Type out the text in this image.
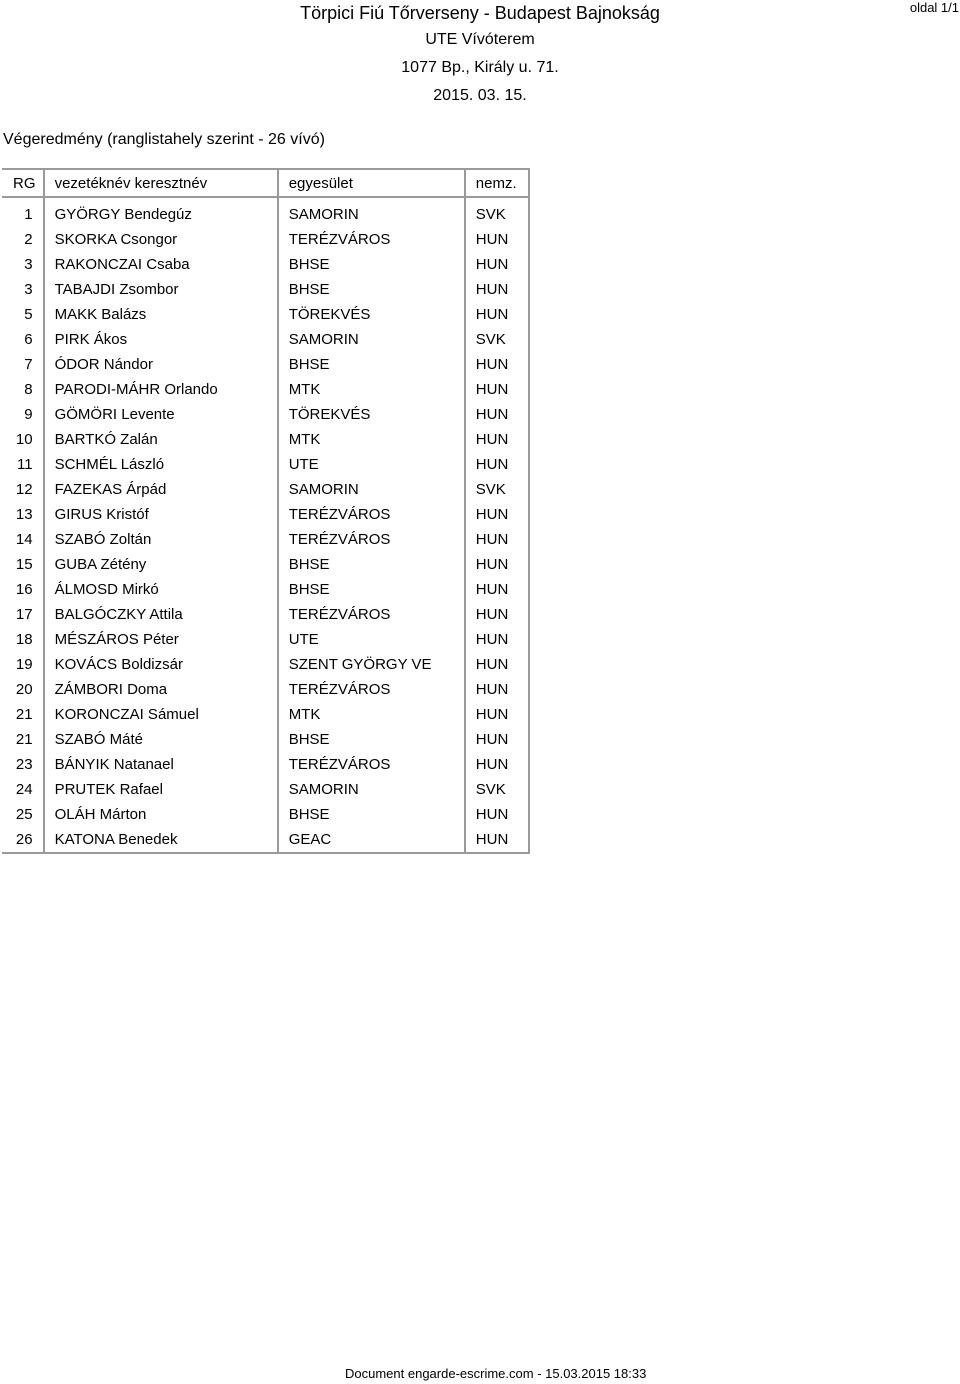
oldal 1/1
Törpici Fiú Tőrverseny - Budapest Bajnokság
UTE Vívóterem
1077 Bp., Király u. 71.
2015. 03. 15.
Végeredmény (ranglistahely szerint - 26 vívó)
RG	vezetéknév keresztnév	egyesület	nemz.
1	GYÖRGY Bendegúz	SAMORIN	SVK
2	SKORKA Csongor	TERÉZVÁROS	HUN
3	RAKONCZAI Csaba	BHSE	HUN
3	TABAJDI Zsombor	BHSE	HUN
5	MAKK Balázs	TÖREKVÉS	HUN
6	PIRK Ákos	SAMORIN	SVK
7	ÓDOR Nándor	BHSE	HUN
8	PARODI-MÁHR Orlando	MTK	HUN
9	GÖMÖRI Levente	TÖREKVÉS	HUN
10	BARTKÓ Zalán	MTK	HUN
11	SCHMÉL László	UTE	HUN
12	FAZEKAS Árpád	SAMORIN	SVK
13	GIRUS Kristóf	TERÉZVÁROS	HUN
14	SZABÓ Zoltán	TERÉZVÁROS	HUN
15	GUBA Zétény	BHSE	HUN
16	ÁLMOSD Mirkó	BHSE	HUN
17	BALGÓCZKY Attila	TERÉZVÁROS	HUN
18	MÉSZÁROS Péter	UTE	HUN
19	KOVÁCS Boldizsár	SZENT GYÖRGY VE	HUN
20	ZÁMBORI Doma	TERÉZVÁROS	HUN
21	KORONCZAI Sámuel	MTK	HUN
21	SZABÓ Máté	BHSE	HUN
23	BÁNYIK Natanael	TERÉZVÁROS	HUN
24	PRUTEK Rafael	SAMORIN	SVK
25	OLÁH Márton	BHSE	HUN
26	KATONA Benedek	GEAC	HUN
Document engarde-escrime.com - 15.03.2015 18:33
